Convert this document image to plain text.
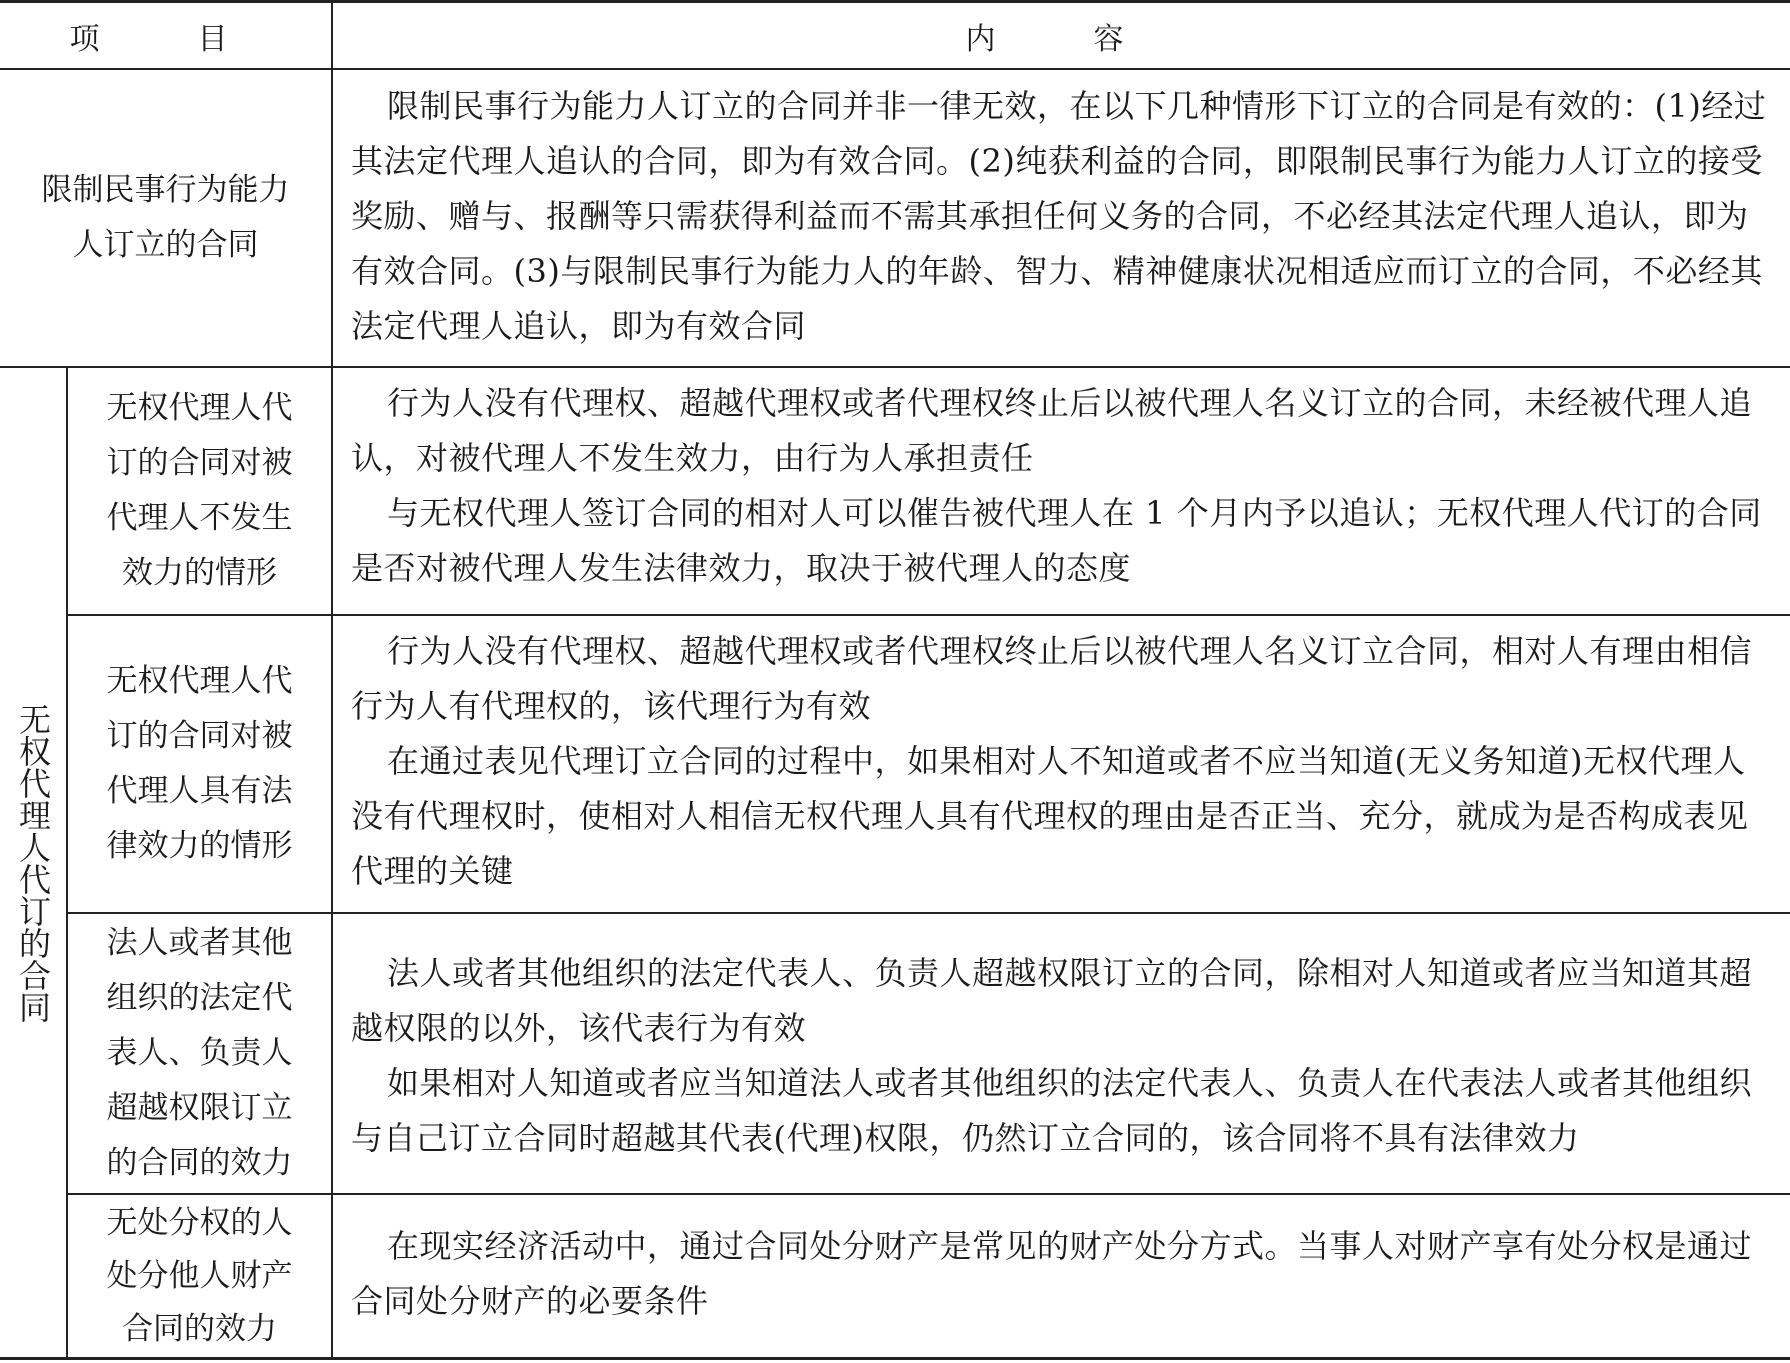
项　目	内　容
限制民事行为能力人订立的合同

限制民事行为能力人订立的合同并非一律无效，在以下几种情形下订立的合同是有效的：(1)经过其法定代理人追认的合同，即为有效合同。(2)纯获利益的合同，即限制民事行为能力人订立的接受奖励、赠与、报酬等只需获得利益而不需其承担任何义务的合同，不必经其法定代理人追认，即为有效合同。(3)与限制民事行为能力人的年龄、智力、精神健康状况相适应而订立的合同，不必经其法定代理人追认，即为有效合同

无权代理人代订的合同
无权代理人代订的合同对被代理人不发生效力的情形

行为人没有代理权、超越代理权或者代理权终止后以被代理人名义订立的合同，未经被代理人追认，对被代理人不发生效力，由行为人承担责任

与无权代理人签订合同的相对人可以催告被代理人在 1 个月内予以追认；无权代理人代订的合同是否对被代理人发生法律效力，取决于被代理人的态度

无权代理人代订的合同对被代理人具有法律效力的情形

行为人没有代理权、超越代理权或者代理权终止后以被代理人名义订立合同，相对人有理由相信行为人有代理权的，该代理行为有效

在通过表见代理订立合同的过程中，如果相对人不知道或者不应当知道(无义务知道)无权代理人没有代理权时，使相对人相信无权代理人具有代理权的理由是否正当、充分，就成为是否构成表见代理的关键

法人或者其他组织的法定代表人、负责人超越权限订立的合同的效力

法人或者其他组织的法定代表人、负责人超越权限订立的合同，除相对人知道或者应当知道其超越权限的以外，该代表行为有效

如果相对人知道或者应当知道法人或者其他组织的法定代表人、负责人在代表法人或者其他组织与自己订立合同时超越其代表(代理)权限，仍然订立合同的，该合同将不具有法律效力

无处分权的人处分他人财产合同的效力

在现实经济活动中，通过合同处分财产是常见的财产处分方式。当事人对财产享有处分权是通过合同处分财产的必要条件
